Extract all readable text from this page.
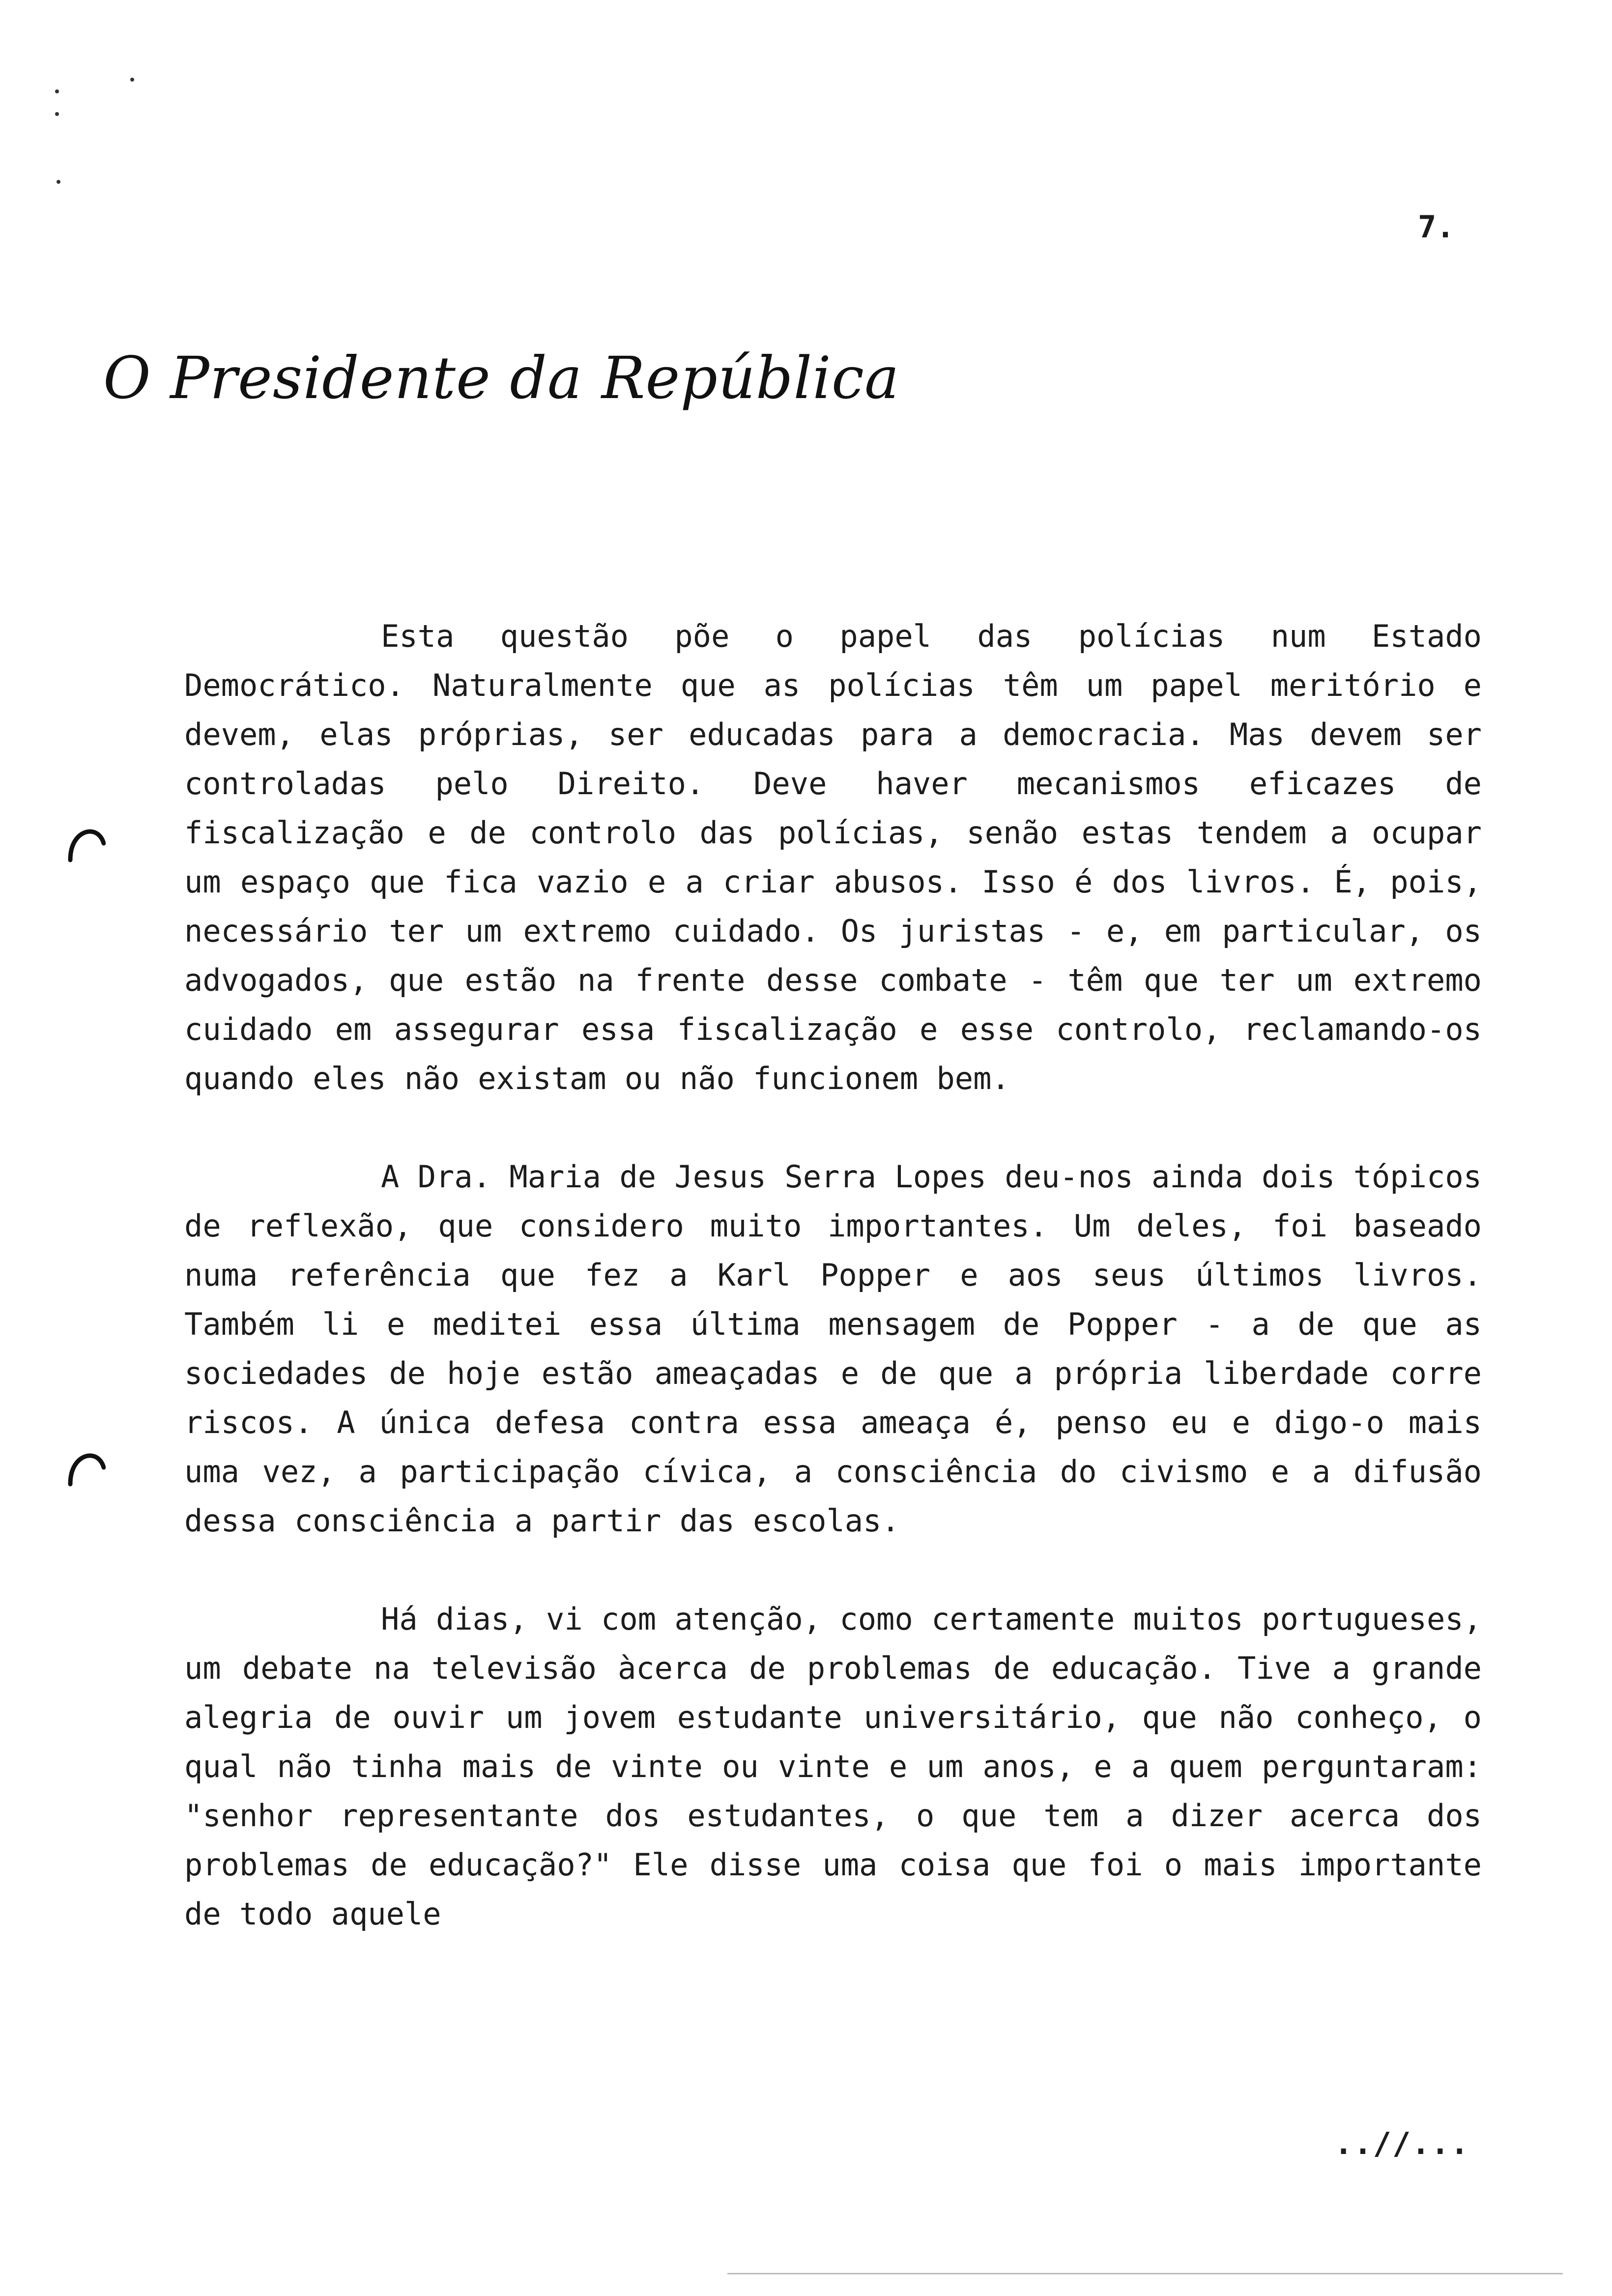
7.
O Presidente da República

Esta questão põe o papel das polícias num Estado Democrático. Naturalmente que as polícias têm um papel meritório e devem, elas próprias, ser educadas para a democracia. Mas devem ser controladas pelo Direito. Deve haver mecanismos eficazes de fiscalização e de controlo das polícias, senão estas tendem a ocupar um espaço que fica vazio e a criar abusos. Isso é dos livros. É, pois, necessário ter um extremo cuidado. Os juristas - e, em particular, os advogados, que estão na frente desse combate - têm que ter um extremo cuidado em assegurar essa fiscalização e esse controlo, reclamando-os quando eles não existam ou não funcionem bem.

A Dra. Maria de Jesus Serra Lopes deu-nos ainda dois tópicos de reflexão, que considero muito importantes. Um deles, foi baseado numa referência que fez a Karl Popper e aos seus últimos livros. Também li e meditei essa última mensagem de Popper - a de que as sociedades de hoje estão ameaçadas e de que a própria liberdade corre riscos. A única defesa contra essa ameaça é, penso eu e digo-o mais uma vez, a participação cívica, a consciência do civismo e a difusão dessa consciência a partir das escolas.

Há dias, vi com atenção, como certamente muitos portugueses, um debate na televisão àcerca de problemas de educação. Tive a grande alegria de ouvir um jovem estudante universitário, que não conheço, o qual não tinha mais de vinte ou vinte e um anos, e a quem perguntaram: "senhor representante dos estudantes, o que tem a dizer acerca dos problemas de educação?" Ele disse uma coisa que foi o mais importante de todo aquele

..//...
